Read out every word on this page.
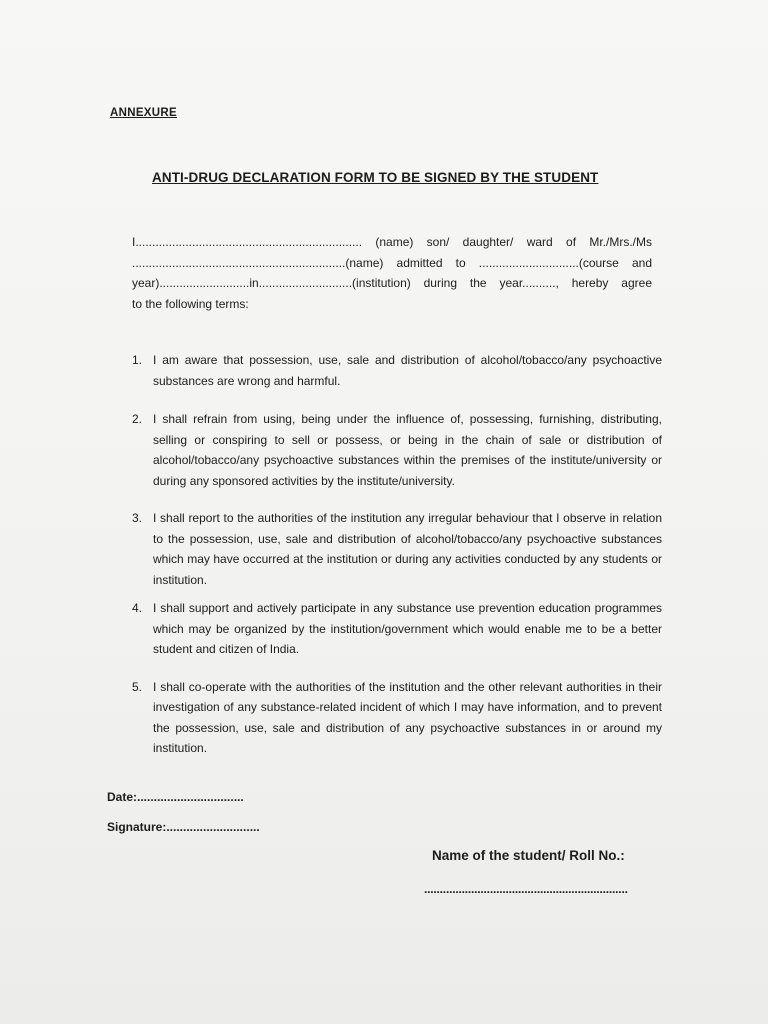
ANNEXURE
ANTI-DRUG DECLARATION FORM TO BE SIGNED BY THE STUDENT
I.................................................................... (name) son/ daughter/ ward of Mr./Mrs./Ms
................................................................(name) admitted to ..............................(course and
year)...........................in............................(institution) during the year.........., hereby agree
to the following terms:
1. I am aware that possession, use, sale and distribution of alcohol/tobacco/any psychoactive substances are wrong and harmful.
2. I shall refrain from using, being under the influence of, possessing, furnishing, distributing, selling or conspiring to sell or possess, or being in the chain of sale or distribution of alcohol/tobacco/any psychoactive substances within the premises of the institute/university or during any sponsored activities by the institute/university.
3. I shall report to the authorities of the institution any irregular behaviour that I observe in relation to the possession, use, sale and distribution of alcohol/tobacco/any psychoactive substances which may have occurred at the institution or during any activities conducted by any students or institution.
4. I shall support and actively participate in any substance use prevention education programmes which may be organized by the institution/government which would enable me to be a better student and citizen of India.
5. I shall co-operate with the authorities of the institution and the other relevant authorities in their investigation of any substance-related incident of which I may have information, and to prevent the possession, use, sale and distribution of any psychoactive substances in or around my institution.
Date:................................
Signature:............................
Name of the student/ Roll No.:
.................................................................
